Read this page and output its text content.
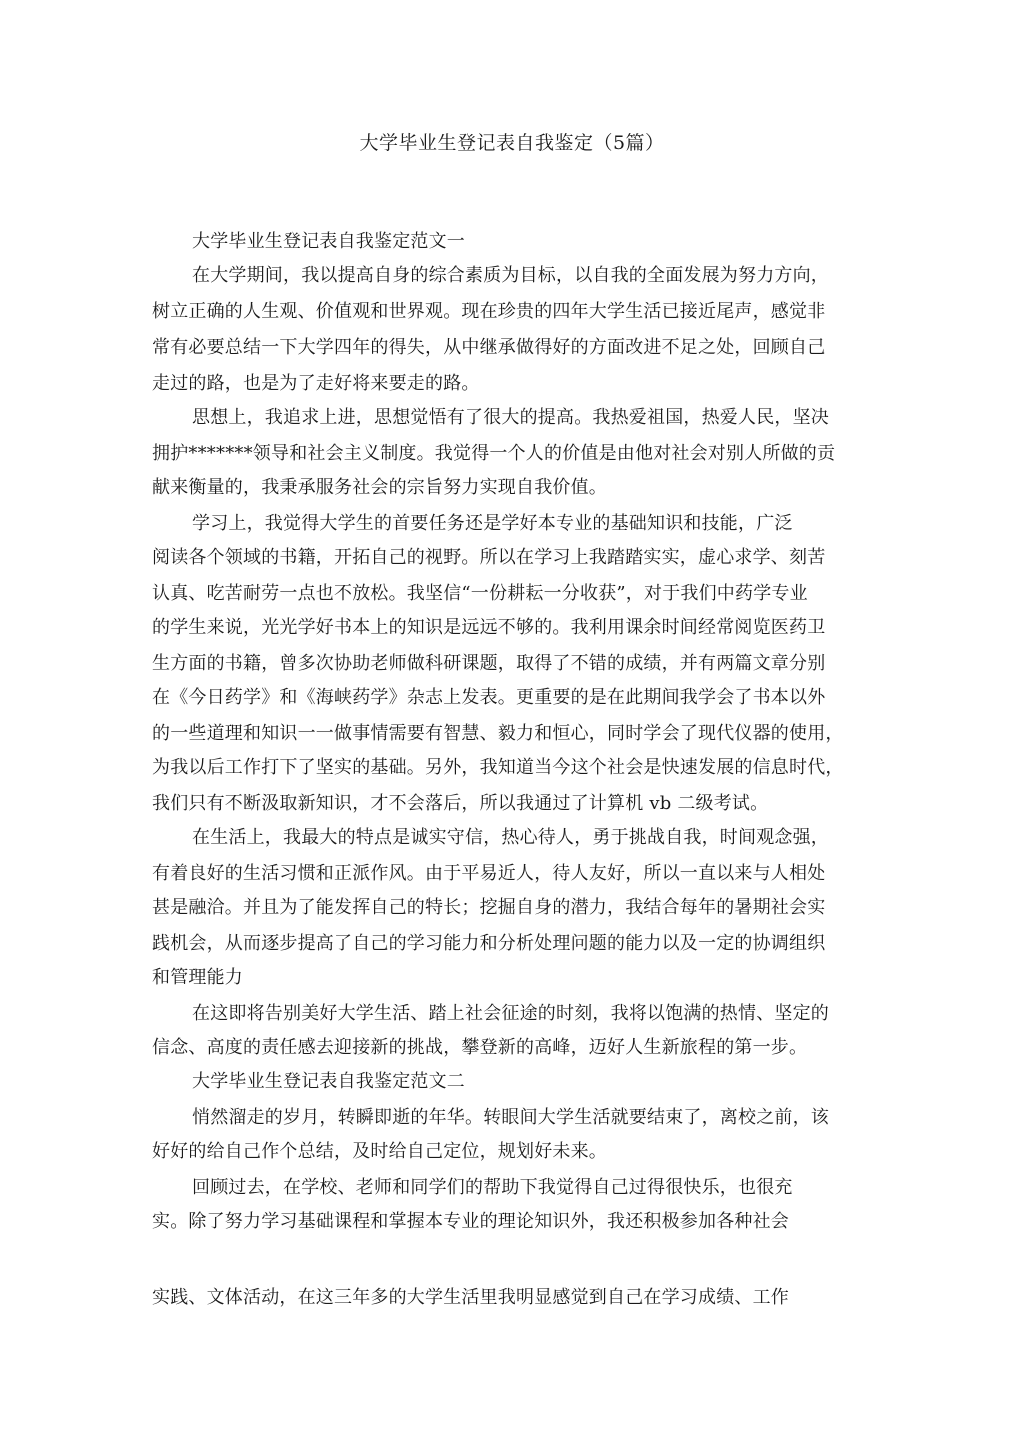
大学毕业生登记表自我鉴定（5篇）
大学毕业生登记表自我鉴定范文一
在大学期间，我以提高自身的综合素质为目标，以自我的全面发展为努力方向，
树立正确的人生观、价值观和世界观。现在珍贵的四年大学生活已接近尾声，感觉非
常有必要总结一下大学四年的得失，从中继承做得好的方面改进不足之处，回顾自己
走过的路，也是为了走好将来要走的路。
思想上，我追求上进，思想觉悟有了很大的提高。我热爱祖国，热爱人民，坚决
拥护*******领导和社会主义制度。我觉得一个人的价值是由他对社会对别人所做的贡
献来衡量的，我秉承服务社会的宗旨努力实现自我价值。
学习上，我觉得大学生的首要任务还是学好本专业的基础知识和技能，广泛
阅读各个领域的书籍，开拓自己的视野。所以在学习上我踏踏实实，虚心求学、刻苦
认真、吃苦耐劳一点也不放松。我坚信“一份耕耘一分收获”，对于我们中药学专业
的学生来说，光光学好书本上的知识是远远不够的。我利用课余时间经常阅览医药卫
生方面的书籍，曾多次协助老师做科研课题，取得了不错的成绩，并有两篇文章分别
在《今日药学》和《海峡药学》杂志上发表。更重要的是在此期间我学会了书本以外
的一些道理和知识一一做事情需要有智慧、毅力和恒心，同时学会了现代仪器的使用，
为我以后工作打下了坚实的基础。另外，我知道当今这个社会是快速发展的信息时代，
我们只有不断汲取新知识，才不会落后，所以我通过了计算机 vb 二级考试。
在生活上，我最大的特点是诚实守信，热心待人，勇于挑战自我，时间观念强，
有着良好的生活习惯和正派作风。由于平易近人，待人友好，所以一直以来与人相处
甚是融洽。并且为了能发挥自己的特长；挖掘自身的潜力，我结合每年的暑期社会实
践机会，从而逐步提高了自己的学习能力和分析处理问题的能力以及一定的协调组织
和管理能力
在这即将告别美好大学生活、踏上社会征途的时刻，我将以饱满的热情、坚定的
信念、高度的责任感去迎接新的挑战，攀登新的高峰，迈好人生新旅程的第一步。
大学毕业生登记表自我鉴定范文二
悄然溜走的岁月，转瞬即逝的年华。转眼间大学生活就要结束了，离校之前，该
好好的给自己作个总结，及时给自己定位，规划好未来。
回顾过去，在学校、老师和同学们的帮助下我觉得自己过得很快乐，也很充
实。除了努力学习基础课程和掌握本专业的理论知识外，我还积极参加各种社会
实践、文体活动，在这三年多的大学生活里我明显感觉到自己在学习成绩、工作
